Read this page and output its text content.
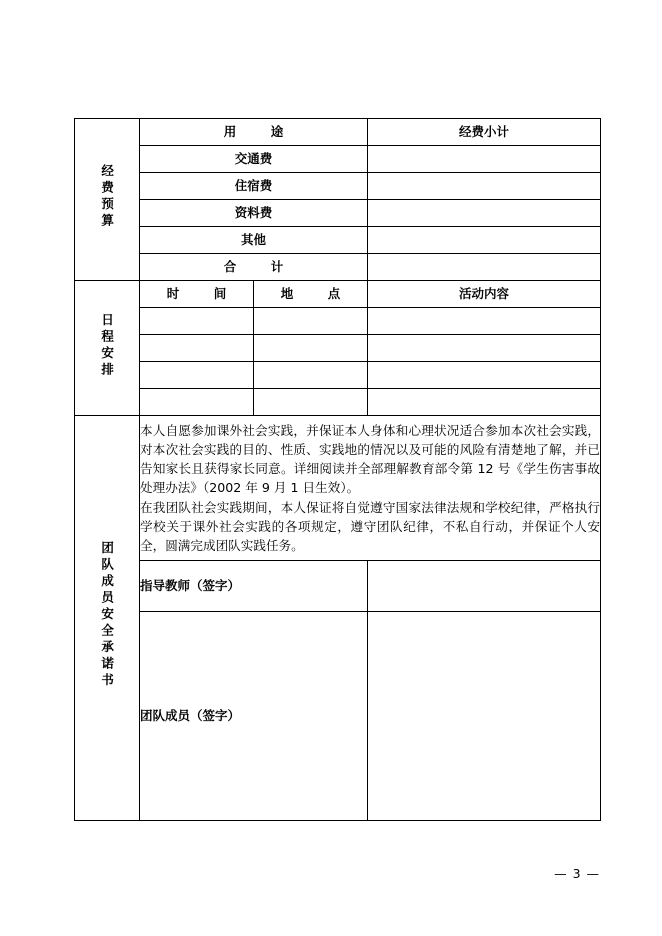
经费预算	用　途		经费小计
	交通费		
	住宿费		
	资料费		
	其他		
	合　计		
日程安排	时　间	地　点	活动内容

团队成员安全承诺书	本人自愿参加课外社会实践，并保证本人身体和心理状况适合参加本次社会实践，对本次社会实践的目的、性质、实践地的情况以及可能的风险有清楚地了解，并已告知家长且获得家长同意。详细阅读并全部理解教育部令第 12 号《学生伤害事故处理办法》（2002 年 9 月 1 日生效）。

在我团队社会实践期间，本人保证将自觉遵守国家法律法规和学校纪律，严格执行学校关于课外社会实践的各项规定，遵守团队纪律，不私自行动，并保证个人安全，圆满完成团队实践任务。		

	指导教师（签字）		
	团队成员（签字）		
— 3 —
